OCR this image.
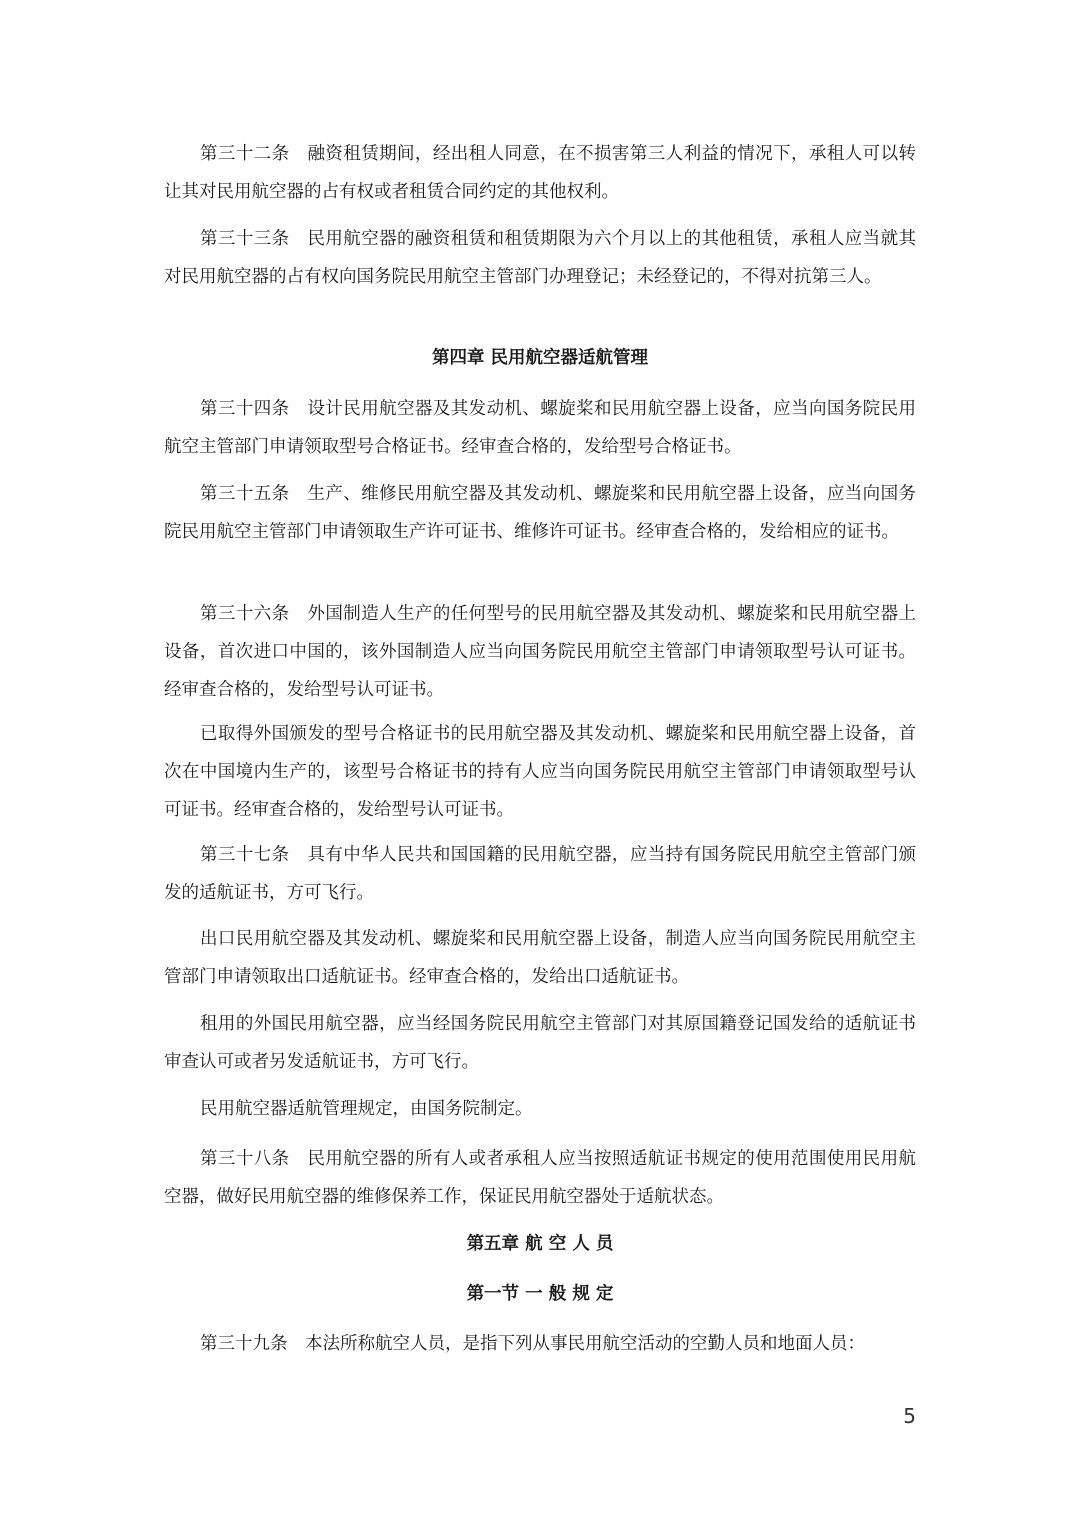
第三十二条　融资租赁期间，经出租人同意，在不损害第三人利益的情况下，承租人可以转让其对民用航空器的占有权或者租赁合同约定的其他权利。

第三十三条　民用航空器的融资租赁和租赁期限为六个月以上的其他租赁，承租人应当就其对民用航空器的占有权向国务院民用航空主管部门办理登记；未经登记的，不得对抗第三人。

第四章 民用航空器适航管理

第三十四条　设计民用航空器及其发动机、螺旋桨和民用航空器上设备，应当向国务院民用航空主管部门申请领取型号合格证书。经审查合格的，发给型号合格证书。

第三十五条　生产、维修民用航空器及其发动机、螺旋桨和民用航空器上设备，应当向国务院民用航空主管部门申请领取生产许可证书、维修许可证书。经审查合格的，发给相应的证书。

第三十六条　外国制造人生产的任何型号的民用航空器及其发动机、螺旋桨和民用航空器上设备，首次进口中国的，该外国制造人应当向国务院民用航空主管部门申请领取型号认可证书。经审查合格的，发给型号认可证书。

已取得外国颁发的型号合格证书的民用航空器及其发动机、螺旋桨和民用航空器上设备，首次在中国境内生产的，该型号合格证书的持有人应当向国务院民用航空主管部门申请领取型号认可证书。经审查合格的，发给型号认可证书。

第三十七条　具有中华人民共和国国籍的民用航空器，应当持有国务院民用航空主管部门颁发的适航证书，方可飞行。

出口民用航空器及其发动机、螺旋桨和民用航空器上设备，制造人应当向国务院民用航空主管部门申请领取出口适航证书。经审查合格的，发给出口适航证书。

租用的外国民用航空器，应当经国务院民用航空主管部门对其原国籍登记国发给的适航证书审查认可或者另发适航证书，方可飞行。

民用航空器适航管理规定，由国务院制定。

第三十八条　民用航空器的所有人或者承租人应当按照适航证书规定的使用范围使用民用航空器，做好民用航空器的维修保养工作，保证民用航空器处于适航状态。

第五章 航 空 人 员
第一节 一 般 规 定

第三十九条　本法所称航空人员，是指下列从事民用航空活动的空勤人员和地面人员：

5
